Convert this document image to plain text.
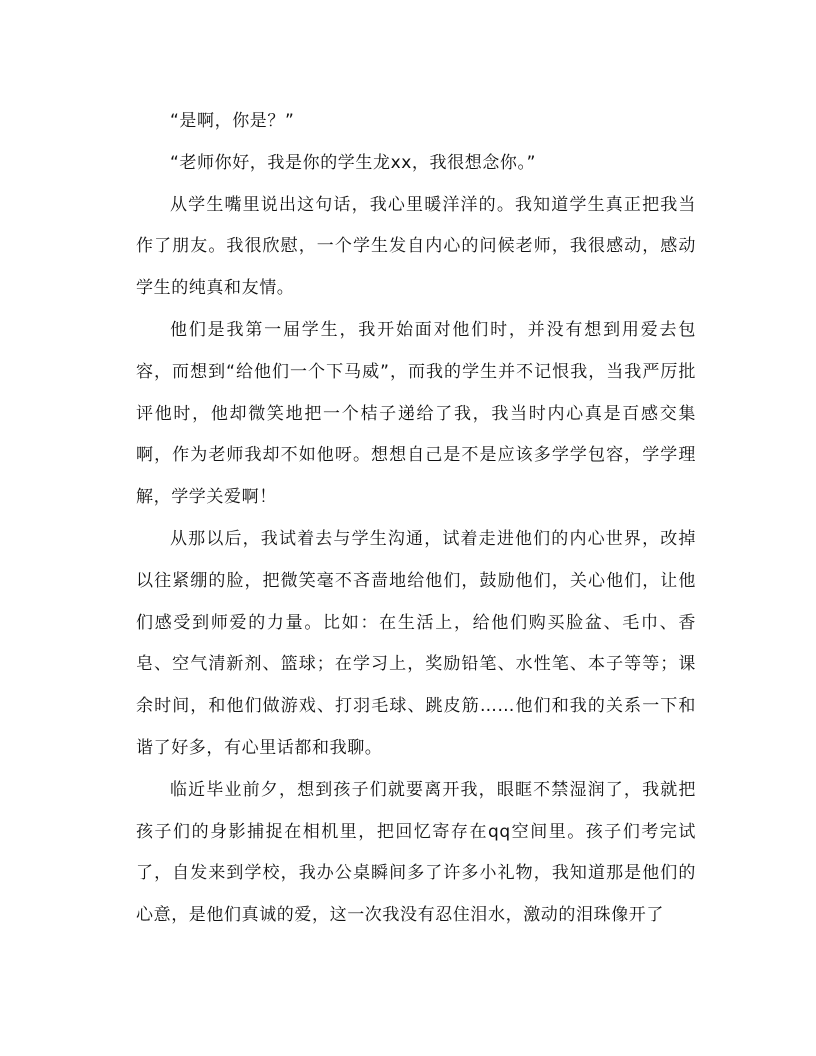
“是啊，你是？”

“老师你好，我是你的学生龙xx，我很想念你。”

从学生嘴里说出这句话，我心里暖洋洋的。我知道学生真正把我当作了朋友。我很欣慰，一个学生发自内心的问候老师，我很感动，感动学生的纯真和友情。

他们是我第一届学生，我开始面对他们时，并没有想到用爱去包容，而想到“给他们一个下马威”，而我的学生并不记恨我，当我严厉批评他时，他却微笑地把一个桔子递给了我，我当时内心真是百感交集啊，作为老师我却不如他呀。想想自己是不是应该多学学包容，学学理解，学学关爱啊！

从那以后，我试着去与学生沟通，试着走进他们的内心世界，改掉以往紧绷的脸，把微笑毫不吝啬地给他们，鼓励他们，关心他们，让他们感受到师爱的力量。比如：在生活上，给他们购买脸盆、毛巾、香皂、空气清新剂、篮球；在学习上，奖励铅笔、水性笔、本子等等；课余时间，和他们做游戏、打羽毛球、跳皮筋……他们和我的关系一下和谐了好多，有心里话都和我聊。

临近毕业前夕，想到孩子们就要离开我，眼眶不禁湿润了，我就把孩子们的身影捕捉在相机里，把回忆寄存在qq空间里。孩子们考完试了，自发来到学校，我办公桌瞬间多了许多小礼物，我知道那是他们的心意，是他们真诚的爱，这一次我没有忍住泪水，激动的泪珠像开了
